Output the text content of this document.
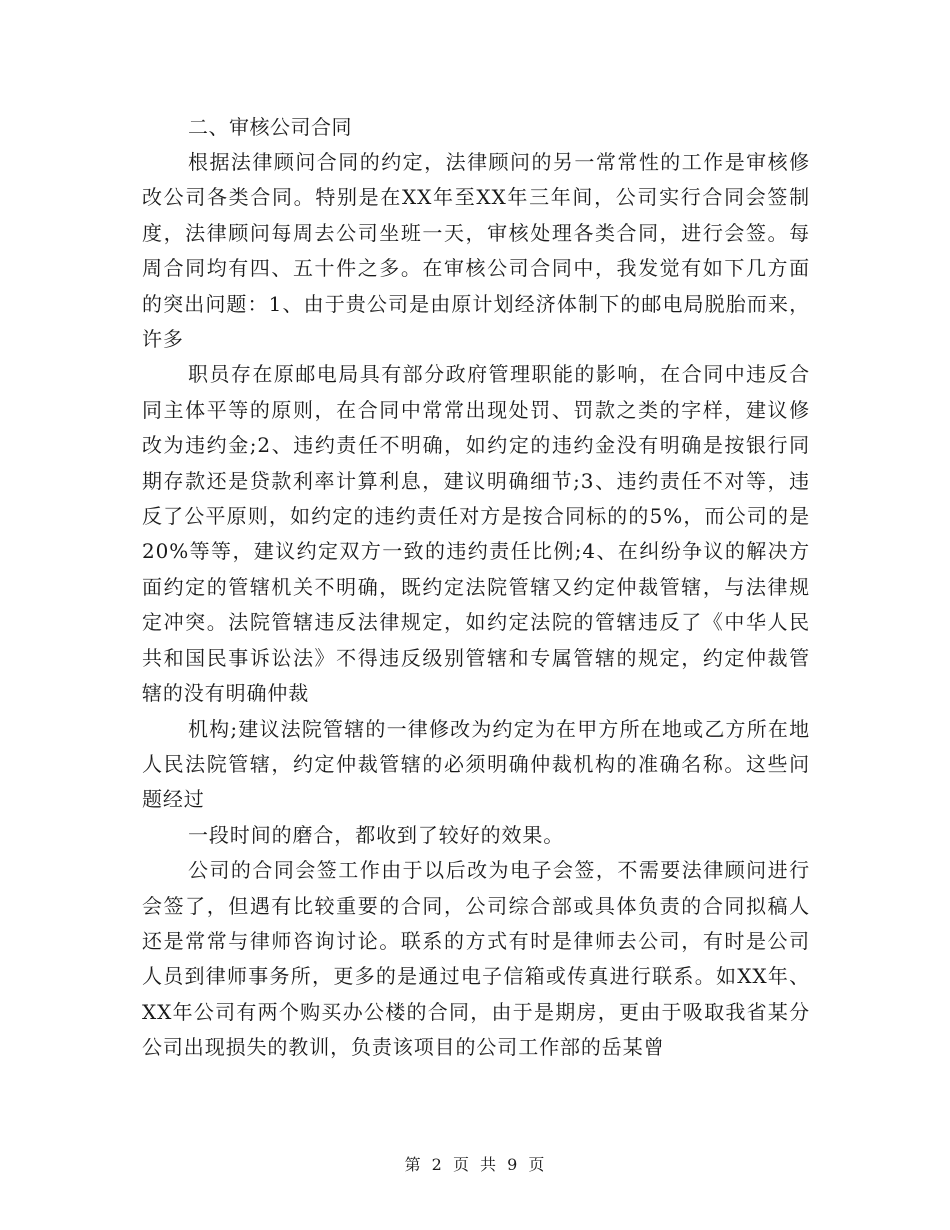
二、审核公司合同

根据法律顾问合同的约定，法律顾问的另一常常性的工作是审核修改公司各类合同。特别是在XX年至XX年三年间，公司实行合同会签制度，法律顾问每周去公司坐班一天，审核处理各类合同，进行会签。每周合同均有四、五十件之多。在审核公司合同中，我发觉有如下几方面的突出问题：1、由于贵公司是由原计划经济体制下的邮电局脱胎而来，许多

职员存在原邮电局具有部分政府管理职能的影响，在合同中违反合同主体平等的原则，在合同中常常出现处罚、罚款之类的字样，建议修改为违约金;2、违约责任不明确，如约定的违约金没有明确是按银行同期存款还是贷款利率计算利息，建议明确细节;3、违约责任不对等，违反了公平原则，如约定的违约责任对方是按合同标的的5%，而公司的是20%等等，建议约定双方一致的违约责任比例;4、在纠纷争议的解决方面约定的管辖机关不明确，既约定法院管辖又约定仲裁管辖，与法律规定冲突。法院管辖违反法律规定，如约定法院的管辖违反了《中华人民共和国民事诉讼法》不得违反级别管辖和专属管辖的规定，约定仲裁管辖的没有明确仲裁

机构;建议法院管辖的一律修改为约定为在甲方所在地或乙方所在地人民法院管辖，约定仲裁管辖的必须明确仲裁机构的准确名称。这些问题经过

一段时间的磨合，都收到了较好的效果。

公司的合同会签工作由于以后改为电子会签，不需要法律顾问进行会签了，但遇有比较重要的合同，公司综合部或具体负责的合同拟稿人还是常常与律师咨询讨论。联系的方式有时是律师去公司，有时是公司人员到律师事务所，更多的是通过电子信箱或传真进行联系。如XX年、XX年公司有两个购买办公楼的合同，由于是期房，更由于吸取我省某分公司出现损失的教训，负责该项目的公司工作部的岳某曾

第 2 页 共 9 页
